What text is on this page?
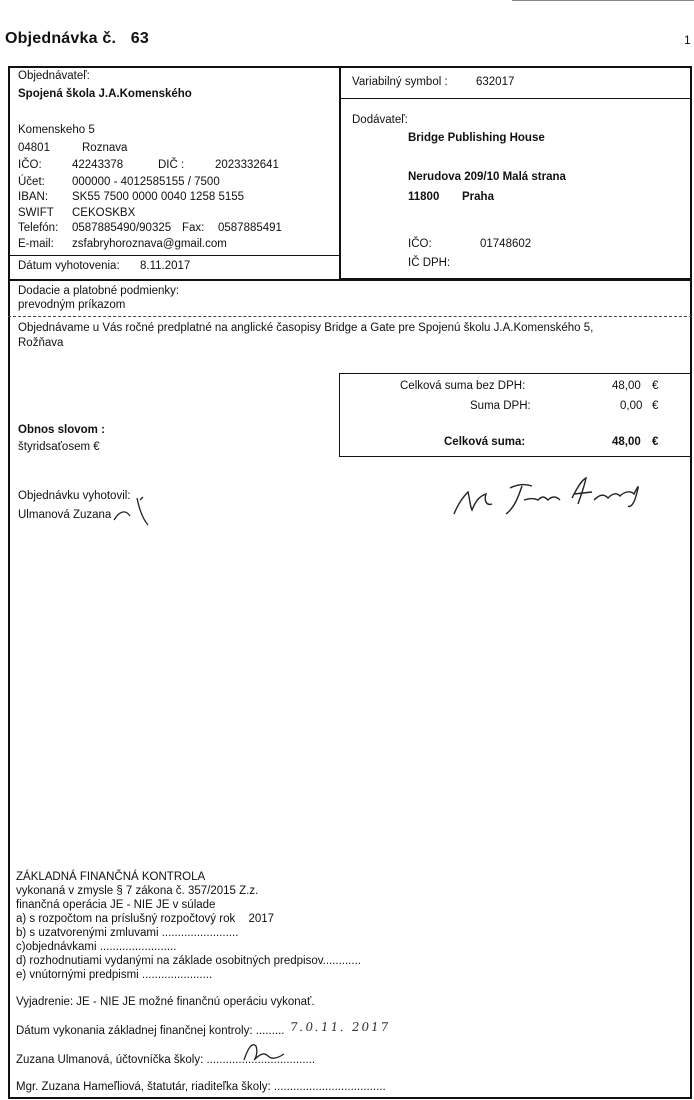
Objednávka č. 63	1
Objednávateľ:
Spojená škola J.A.Komenského
Komenskeho 5
04801	Roznava
IČO:	42243378	DIČ :	2023332641
Účet: 000000 - 4012585155 / 7500
IBAN: SK55 7500 0000 0040 1258 5155
SWIFT CEKOSKBX
Telefón: 0587885490/90325 Fax: 0587885491
E-mail: zsfabryhoroznava@gmail.com
Dátum vyhotovenia: 8.11.2017
Variabilný symbol : 632017
Dodávateľ:
Bridge Publishing House
Nerudova 209/10 Malá strana
11800 Praha
IČO:	01748602
IČ DPH:
Dodacie a platobné podmienky:
prevodným príkazom
Objednávame u Vás ročné predplatné na anglické časopisy Bridge a Gate pre Spojenú školu J.A.Komenského 5,
Rožňava
Celková suma bez DPH:	48,00 €
Suma DPH:	0,00 €
Celková suma:	48,00 €
Obnos slovom :
štyridsaťosem €
Objednávku vyhotovil:
Ulmanová Zuzana
ZÁKLADNÁ FINANČNÁ KONTROLA
vykonaná v zmysle § 7 zákona č. 357/2015 Z.z.
finančná operácia JE - NIE JE v súlade
a) s rozpočtom na príslušný rozpočtový rok 2017
b) s uzatvorenými zmluvami ........................
c)objednávkami ........................
d) rozhodnutiami vydanými na základe osobitných predpisov............
e) vnútornými predpismi ......................
Vyjadrenie: JE - NIE JE možné finančnú operáciu vykonať.
Dátum vykonania základnej finančnej kontroly: ......... 7.0.11. 2017
Zuzana Ulmanová, účtovníčka školy: ..................................
Mgr. Zuzana Hameľliová, štatutár, riaditeľka školy: ...................................
